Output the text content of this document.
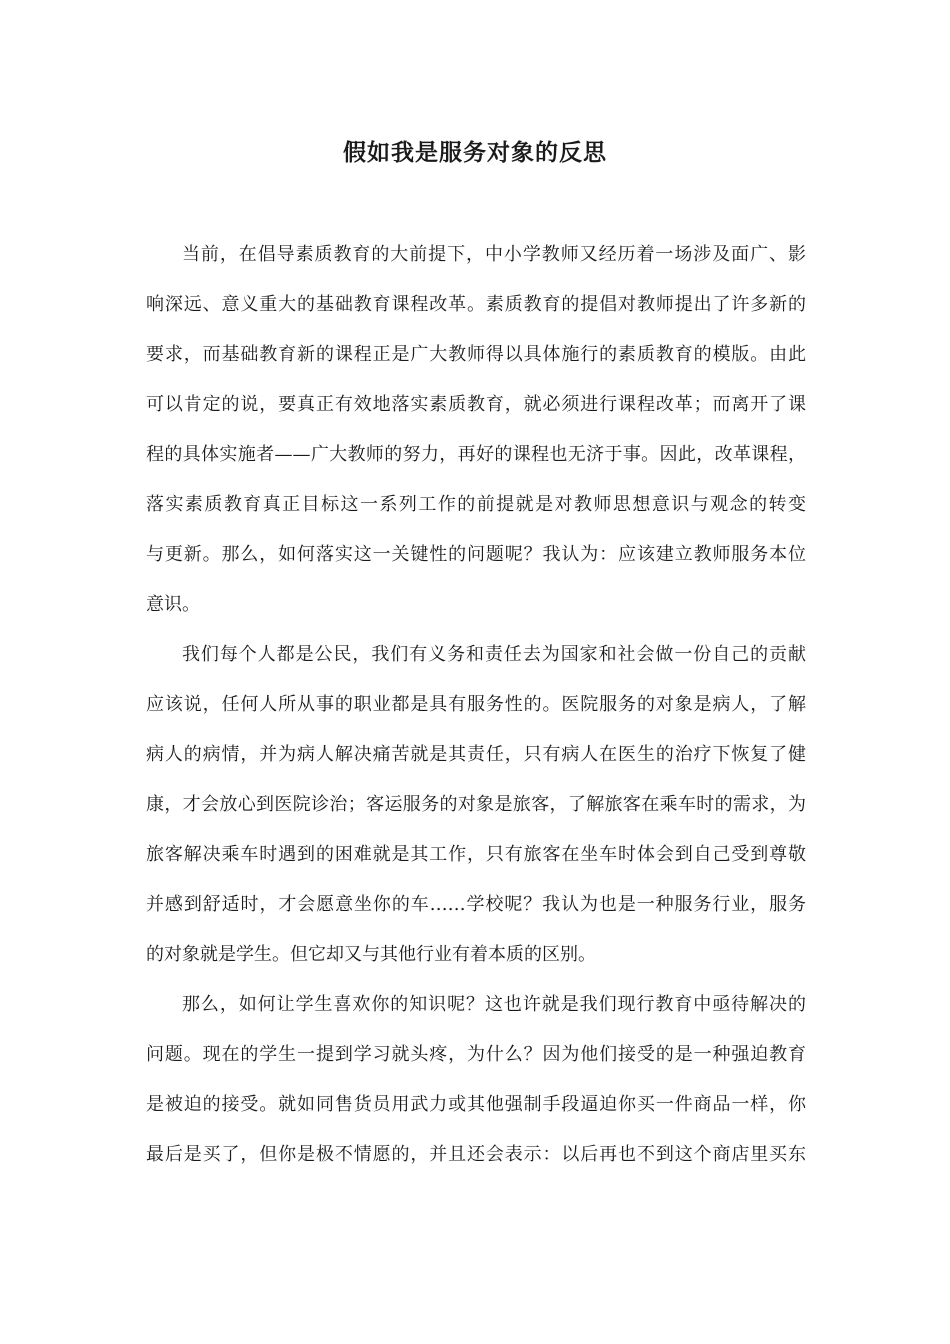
假如我是服务对象的反思
当前，在倡导素质教育的大前提下，中小学教师又经历着一场涉及面广、影
响深远、意义重大的基础教育课程改革。素质教育的提倡对教师提出了许多新的
要求，而基础教育新的课程正是广大教师得以具体施行的素质教育的模版。由此
可以肯定的说，要真正有效地落实素质教育，就必须进行课程改革；而离开了课
程的具体实施者——广大教师的努力，再好的课程也无济于事。因此，改革课程，
落实素质教育真正目标这一系列工作的前提就是对教师思想意识与观念的转变
与更新。那么，如何落实这一关键性的问题呢？我认为：应该建立教师服务本位
意识。
我们每个人都是公民，我们有义务和责任去为国家和社会做一份自己的贡献
应该说，任何人所从事的职业都是具有服务性的。医院服务的对象是病人，了解
病人的病情，并为病人解决痛苦就是其责任，只有病人在医生的治疗下恢复了健
康，才会放心到医院诊治；客运服务的对象是旅客，了解旅客在乘车时的需求，为
旅客解决乘车时遇到的困难就是其工作，只有旅客在坐车时体会到自己受到尊敬
并感到舒适时，才会愿意坐你的车……学校呢？我认为也是一种服务行业，服务
的对象就是学生。但它却又与其他行业有着本质的区别。
那么，如何让学生喜欢你的知识呢？这也许就是我们现行教育中亟待解决的
问题。现在的学生一提到学习就头疼，为什么？因为他们接受的是一种强迫教育
是被迫的接受。就如同售货员用武力或其他强制手段逼迫你买一件商品一样，你
最后是买了，但你是极不情愿的，并且还会表示：以后再也不到这个商店里买东
